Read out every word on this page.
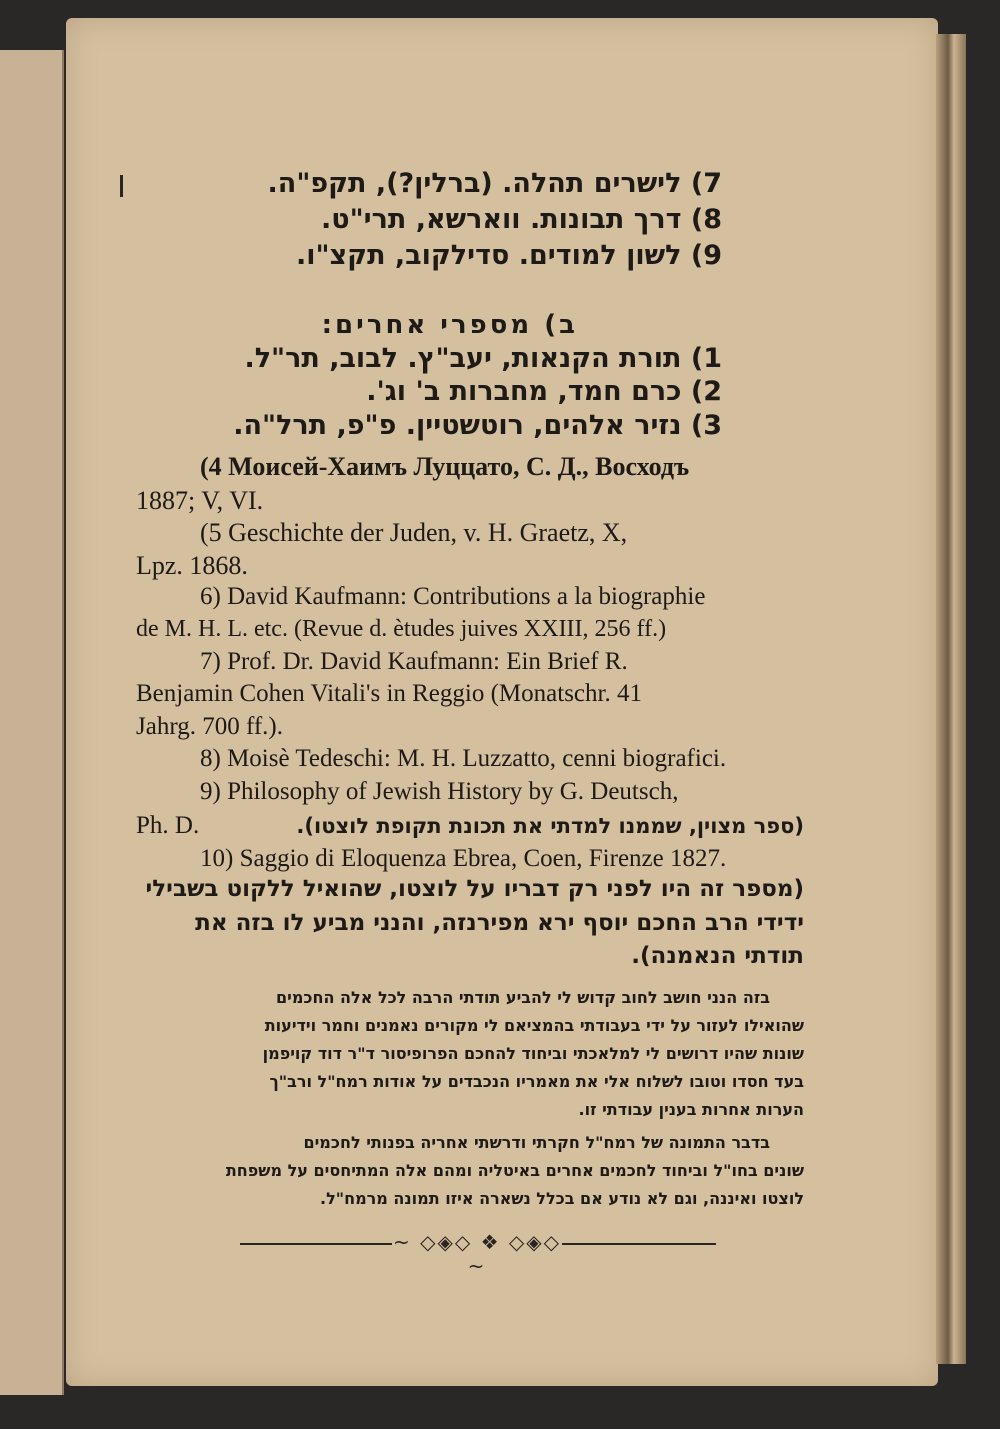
7) לישרים תהלה. (ברלין?), תקפ"ה.
8) דרך תבונות. ווארשא, תרי"ט.
9) לשון למודים. סדילקוב, תקצ"ו.
ב) מספרי אחרים:
1) תורת הקנאות, יעב"ץ. לבוב, תר"ל.
2) כרם חמד, מחברות ב' וג'.
3) נזיר אלהים, רוטשטיין. פ"פ, תרל"ה.
(4 Моисей-Хаимъ Луццато, С. Д., Восходъ
1887; V, VI.
(5 Geschichte der Juden, v. H. Graetz, X,
Lpz. 1868.
6) David Kaufmann: Contributions a la biographie
de M. H. L. etc. (Revue d. ètudes juives XXIII, 256 ff.)
7) Prof. Dr. David Kaufmann: Ein Brief R.
Benjamin Cohen Vitali's in Reggio (Monatschr. 41
Jahrg. 700 ff.).
8) Moisè Tedeschi: M. H. Luzzatto, cenni biografici.
9) Philosophy of Jewish History by G. Deutsch,
Ph. D.	(ספר מצוין, שממנו למדתי את תכונת תקופת לוצטו).
10) Saggio di Eloquenza Ebrea, Coen, Firenze 1827.
(מספר זה היו לפני רק דבריו על לוצטו, שהואיל ללקוט בשבילי
ידידי הרב החכם יוסף ירא מפירנזה, והנני מביע לו בזה את
תודתי הנאמנה).
בזה הנני חושב לחוב קדוש לי להביע תודתי הרבה לכל אלה החכמים
שהואילו לעזור על ידי בעבודתי בהמציאם לי מקורים נאמנים וחמר וידיעות
שונות שהיו דרושים לי למלאכתי וביחוד להחכם הפרופיסור ד"ר דוד קויפמן
בעד חסדו וטובו לשלוח אלי את מאמריו הנכבדים על אודות רמח"ל ורב"ך
הערות אחרות בענין עבודתי זו.
בדבר התמונה של רמח"ל חקרתי ודרשתי אחריה בפנותי לחכמים
שונים בחו"ל וביחוד לחכמים אחרים באיטליה ומהם אלה המתיחסים על משפחת
לוצטו ואיננה, וגם לא נודע אם בכלל נשארה איזו תמונה מרמח"ל.
~ ◇◈◇ ❖ ◇◈◇ ~
